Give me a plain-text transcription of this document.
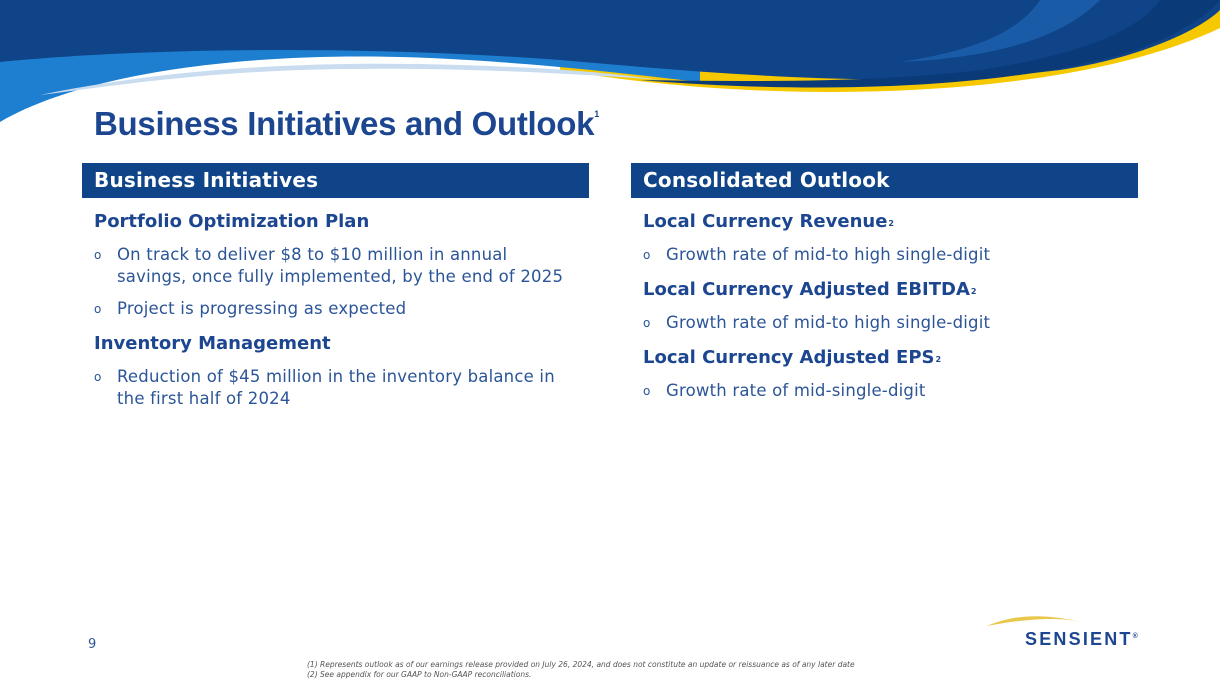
Business Initiatives and Outlook$^1$
Business Initiatives
Portfolio Optimization Plan
o On track to deliver $8 to $10 million in annual savings, once fully implemented, by the end of 2025
o Project is progressing as expected
Inventory Management
o Reduction of $45 million in the inventory balance in the first half of 2024
Consolidated Outlook
Local Currency Revenue$^2$
o Growth rate of mid-to high single-digit
Local Currency Adjusted EBITDA$^2$
o Growth rate of mid-to high single-digit
Local Currency Adjusted EPS$^2$
o Growth rate of mid-single-digit
9
(1) Represents outlook as of our earnings release provided on July 26, 2024, and does not constitute an update or reissuance as of any later date
(2) See appendix for our GAAP to Non-GAAP reconciliations.
SENSIENT®
